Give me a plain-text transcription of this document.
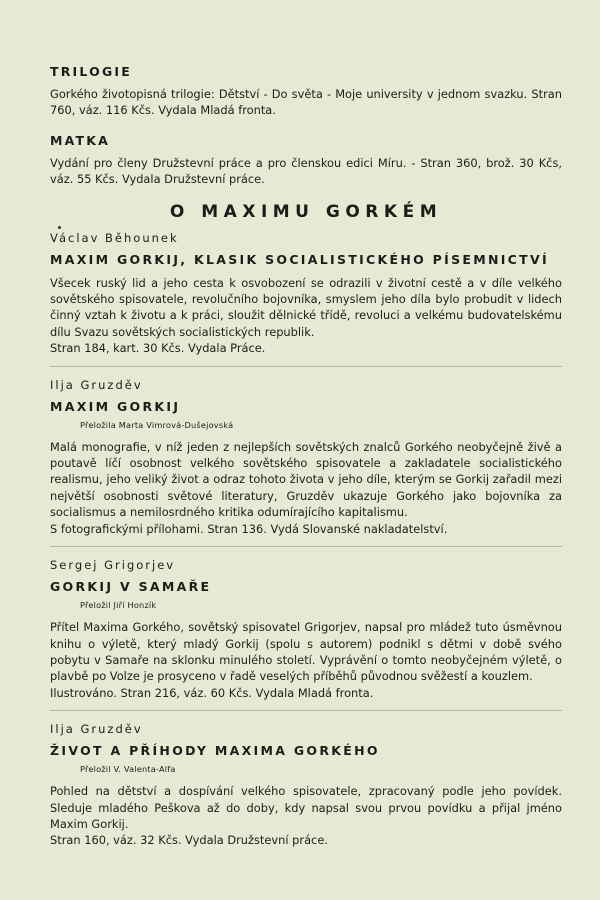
TRILOGIE

Gorkého životopisná trilogie: Dětství - Do světa - Moje university v jednom svazku. Stran 760, váz. 116 Kčs. Vydala Mladá fronta.

MATKA

Vydání pro členy Družstevní práce a pro členskou edici Míru. - Stran 360, brož. 30 Kčs, váz. 55 Kčs. Vydala Družstevní práce.

O MAXIMU GORKÉM
Václav Běhounek
MAXIM GORKIJ, KLASIK SOCIALISTICKÉHO PÍSEMNICTVÍ

Všecek ruský lid a jeho cesta k osvobození se odrazili v životní cestě a v díle velkého sovětského spisovatele, revolučního bojovníka, smyslem jeho díla bylo probudit v lidech činný vztah k životu a k práci, sloužit dělnické třídě, revoluci a velkému budovatelskému dílu Svazu sovětských socialistických republik.

Stran 184, kart. 30 Kčs. Vydala Práce.

Ilja Gruzděv
MAXIM GORKIJ
Přeložila Marta Vimrová-Dušejovská

Malá monografie, v níž jeden z nejlepších sovětských znalců Gorkého neobyčejně živě a poutavě líčí osobnost velkého sovětského spisovatele a zakladatele socialistického realismu, jeho veliký život a odraz tohoto života v jeho díle, kterým se Gorkij zařadil mezi největší osobnosti světové literatury, Gruzděv ukazuje Gorkého jako bojovníka za socialismus a nemilosrdného kritika odumírajícího kapitalismu.

S fotografickými přílohami. Stran 136. Vydá Slovanské nakladatelství.

Sergej Grigorjev
GORKIJ V SAMAŘE
Přeložil Jiří Honzík

Přítel Maxima Gorkého, sovětský spisovatel Grigorjev, napsal pro mládež tuto úsměvnou knihu o výletě, který mladý Gorkij (spolu s autorem) podnikl s dětmi v době svého pobytu v Samaře na sklonku minulého století. Vyprávění o tomto neobyčejném výletě, o plavbě po Volze je prosyceno v řadě veselých příběhů původnou svěžestí a kouzlem.

Ilustrováno. Stran 216, váz. 60 Kčs. Vydala Mladá fronta.

Ilja Gruzděv
ŽIVOT A PŘÍHODY MAXIMA GORKÉHO
Přeložil V. Valenta-Alfa

Pohled na dětství a dospívání velkého spisovatele, zpracovaný podle jeho povídek. Sleduje mladého Peškova až do doby, kdy napsal svou prvou povídku a přijal jméno Maxim Gorkij.

Stran 160, váz. 32 Kčs. Vydala Družstevní práce.
